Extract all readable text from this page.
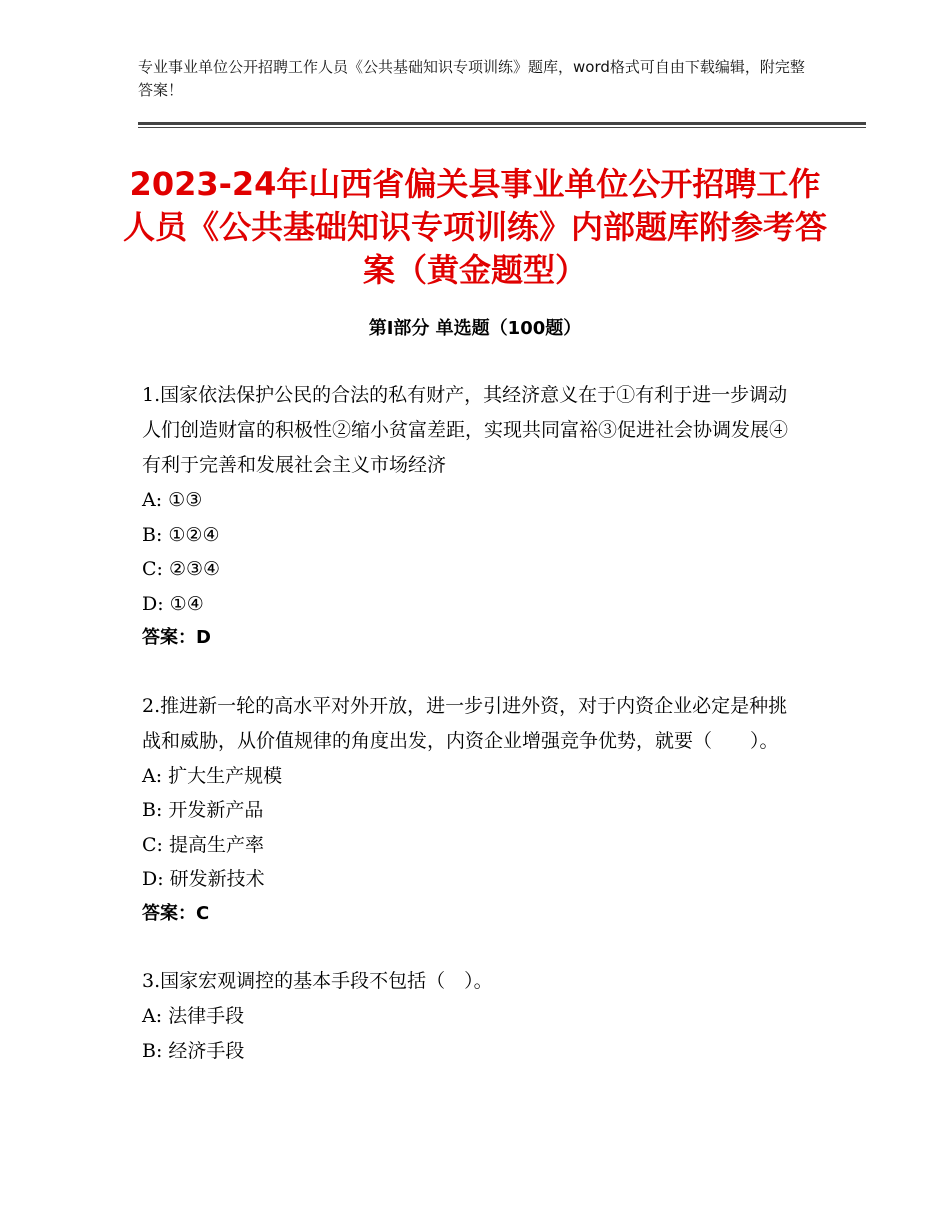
专业事业单位公开招聘工作人员《公共基础知识专项训练》题库，word格式可自由下载编辑，附完整答案！
2023-24年山西省偏关县事业单位公开招聘工作人员《公共基础知识专项训练》内部题库附参考答案（黄金题型）
第Ⅰ部分 单选题（100题）

1.国家依法保护公民的合法的私有财产，其经济意义在于①有利于进一步调动人们创造财富的积极性②缩小贫富差距，实现共同富裕③促进社会协调发展④有利于完善和发展社会主义市场经济

A: ①③

B: ①②④

C: ②③④

D: ①④

答案：D

2.推进新一轮的高水平对外开放，进一步引进外资，对于内资企业必定是种挑战和威胁，从价值规律的角度出发，内资企业增强竞争优势，就要（　　）。

A: 扩大生产规模

B: 开发新产品

C: 提高生产率

D: 研发新技术

答案：C

3.国家宏观调控的基本手段不包括（　）。

A: 法律手段

B: 经济手段
